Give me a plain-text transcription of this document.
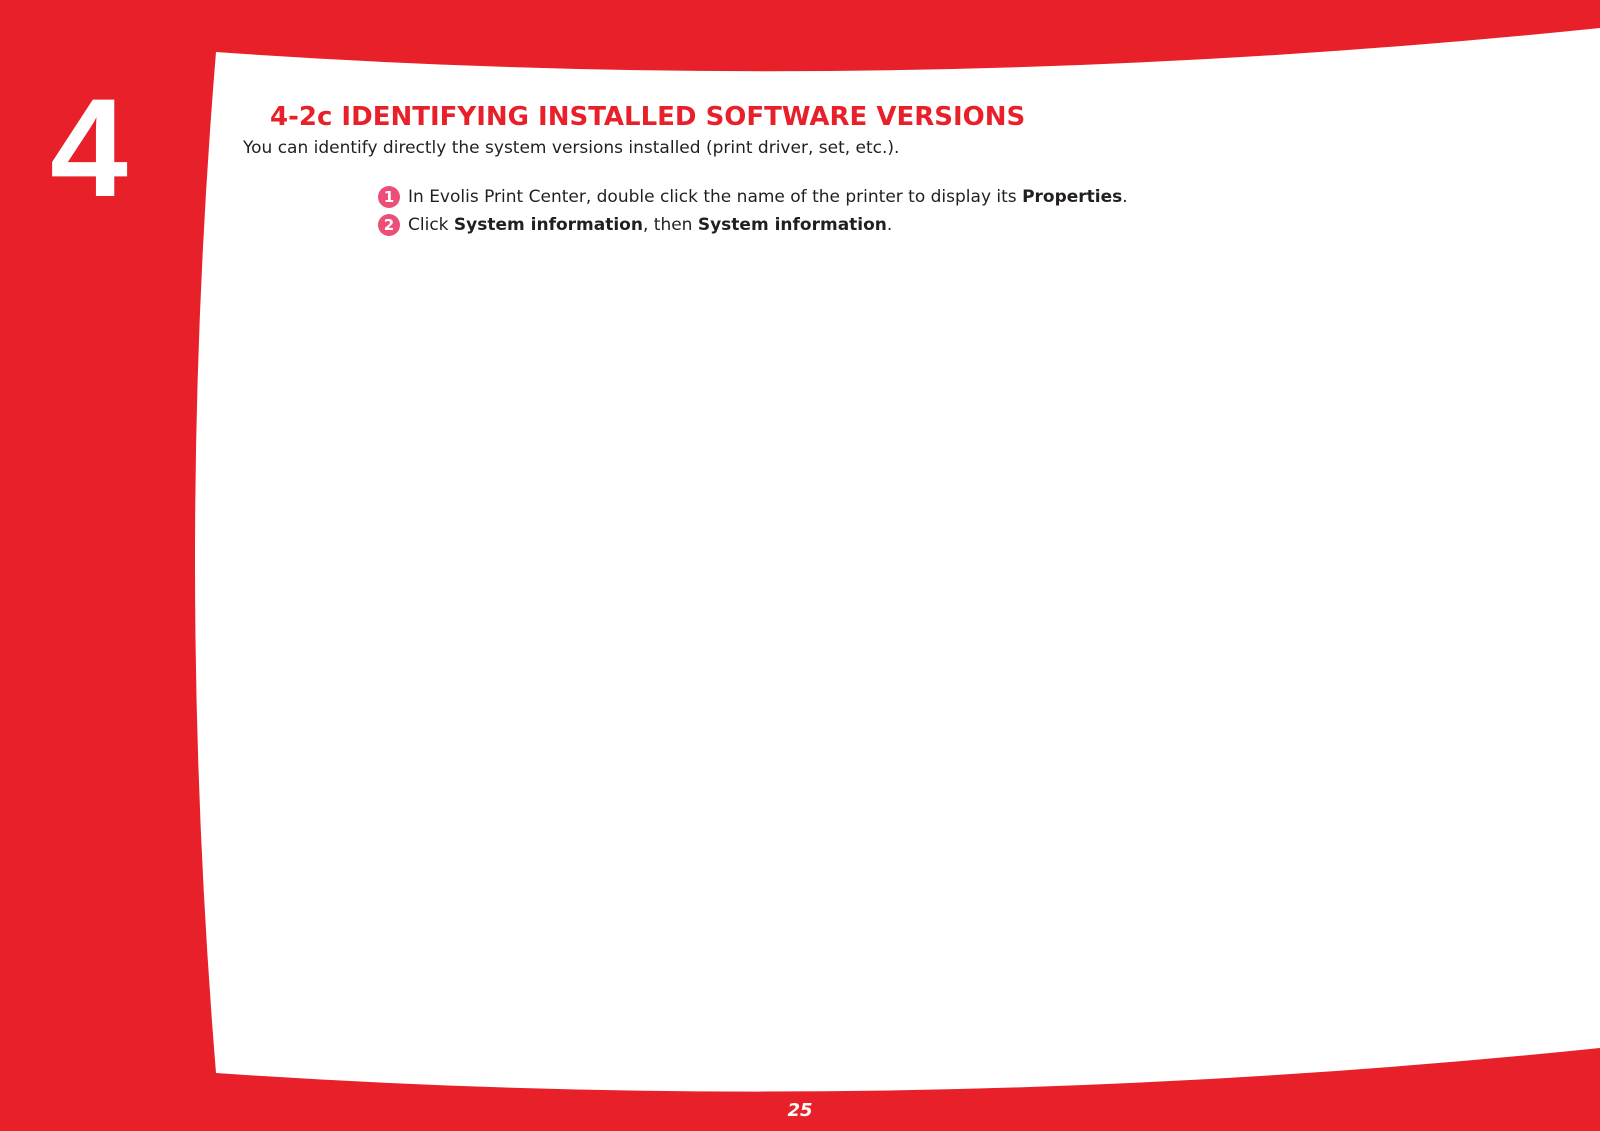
4	4-2c IDENTIFYING INSTALLED SOFTWARE VERSIONS

You can identify directly the system versions installed (print driver, set, etc.).

1 In Evolis Print Center, double click the name of the printer to display its Properties.
2 Click System information, then System information.
25
